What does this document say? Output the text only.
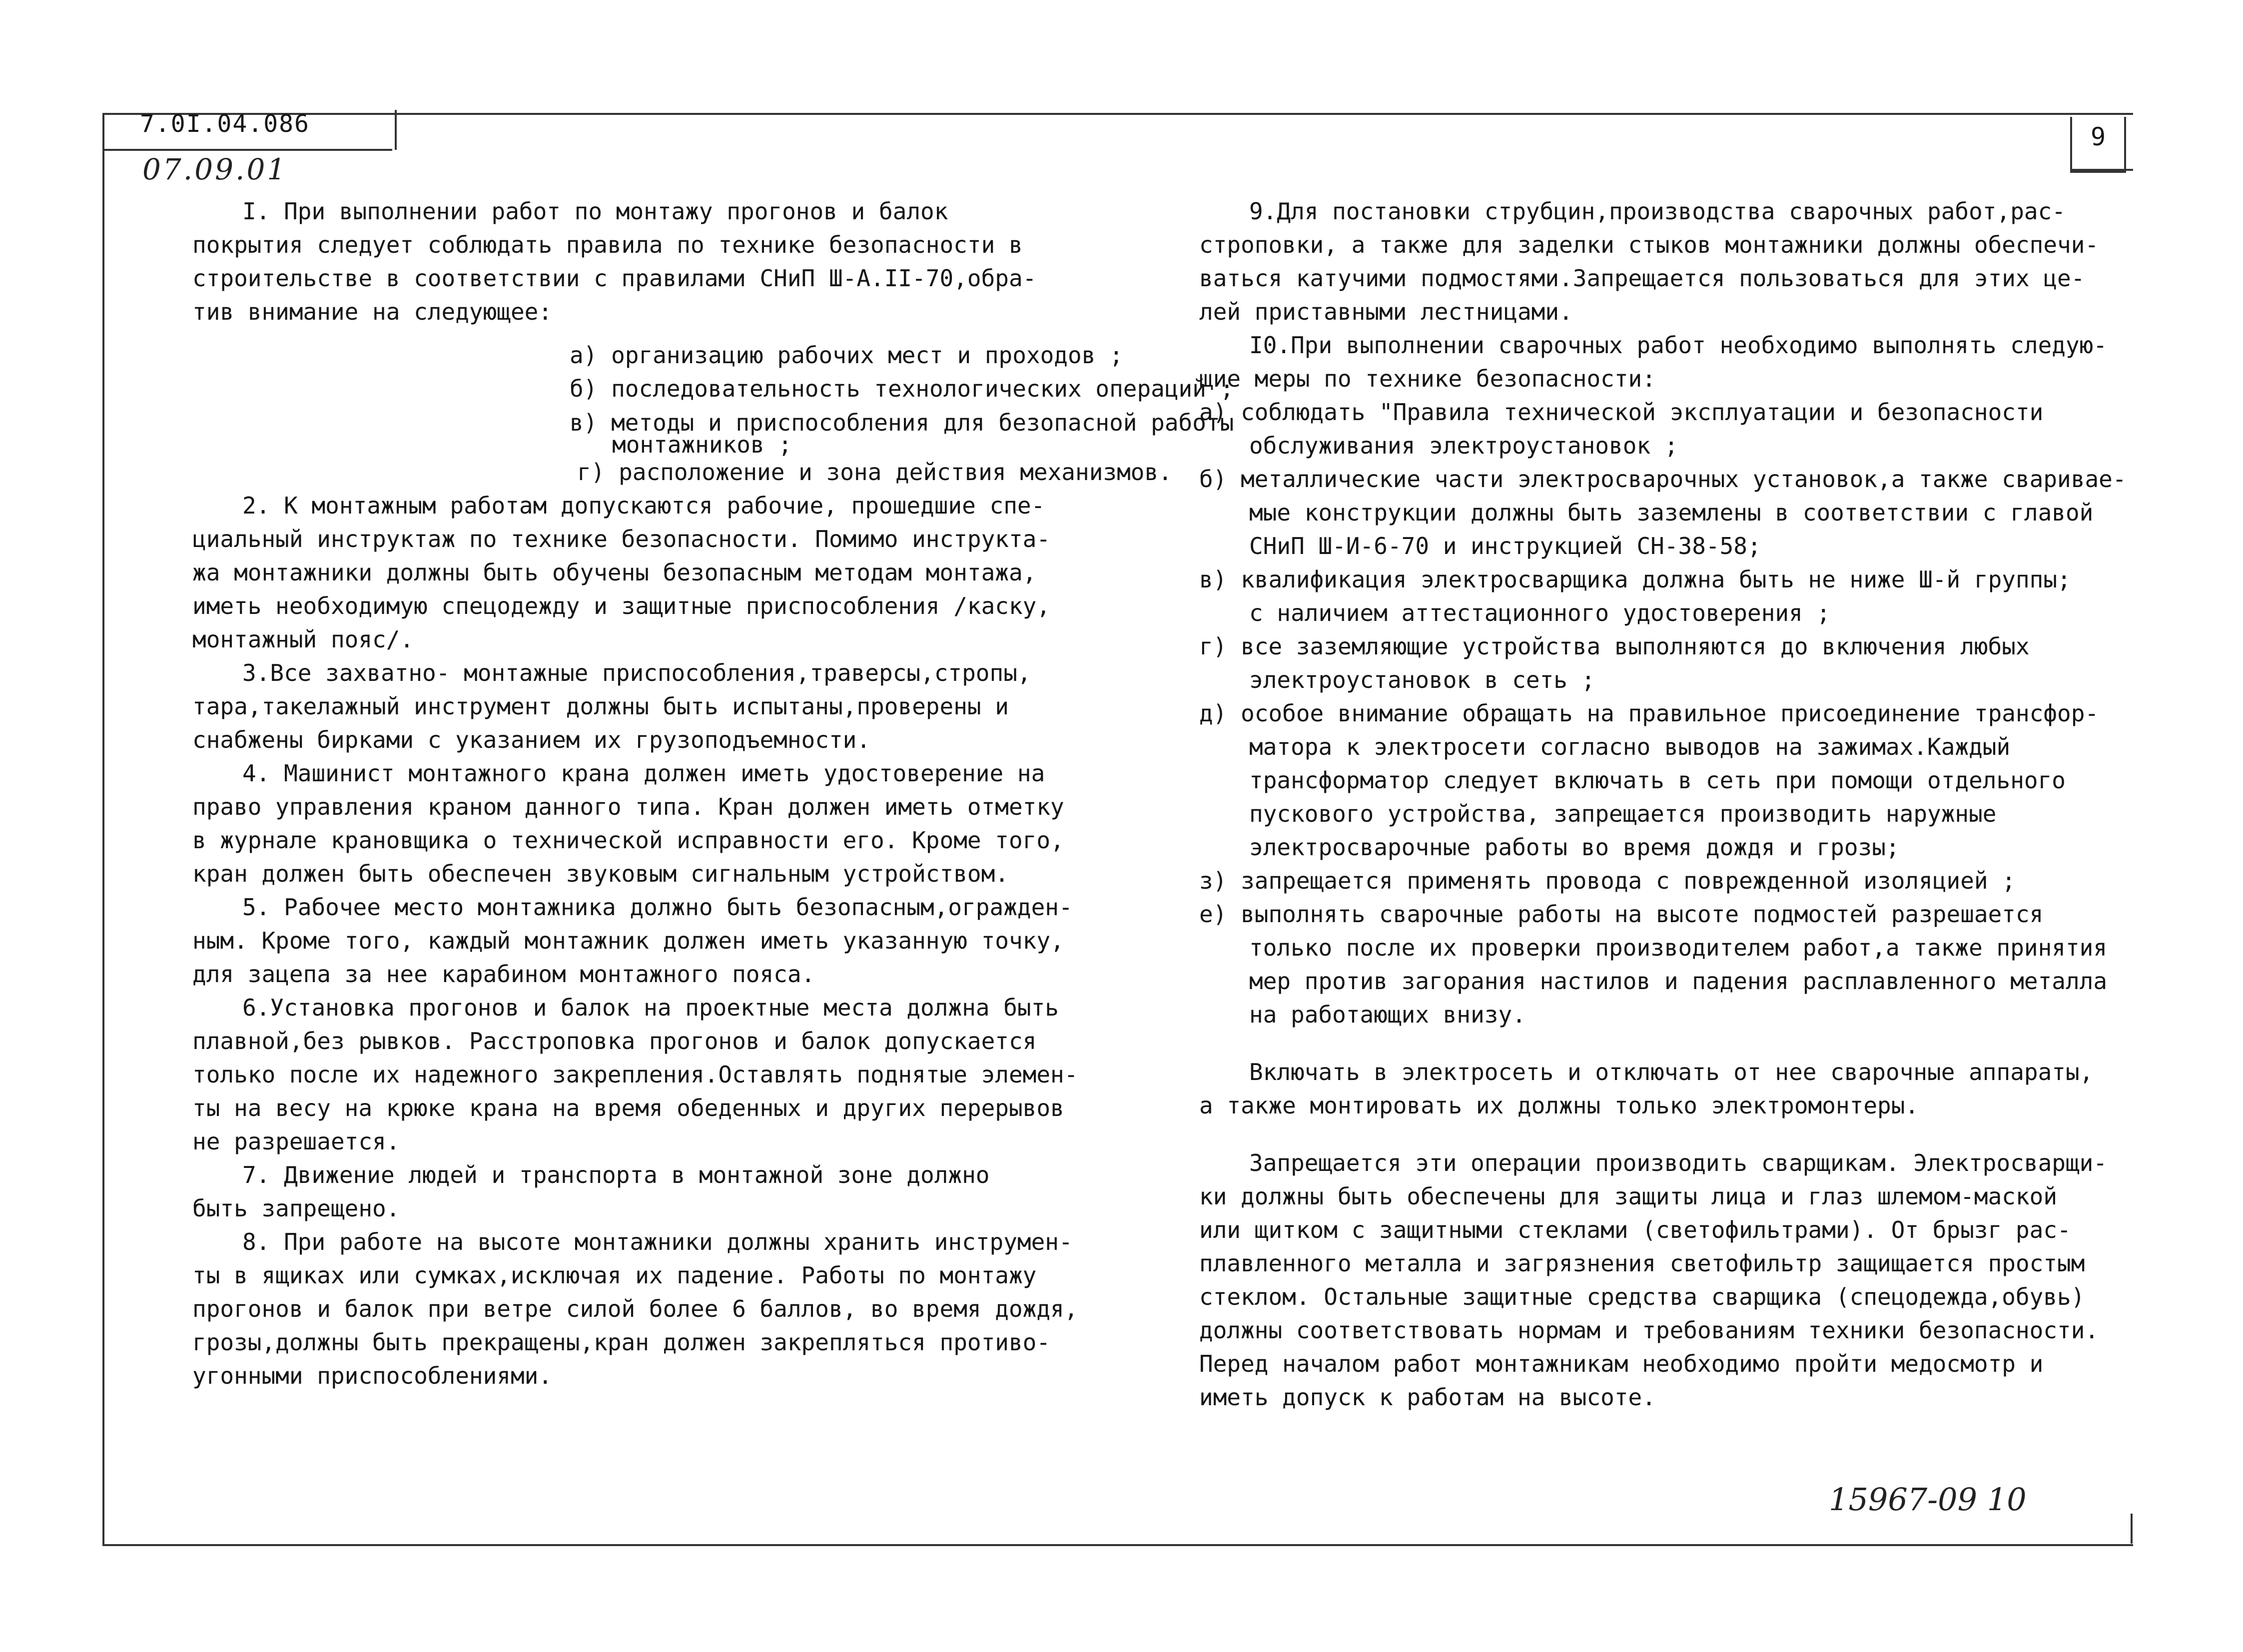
7.0I.04.086
07.09.01
9
I. При выполнении работ по монтажу прогонов и балок
покрытия следует соблюдать правила по технике безопасности в
строительстве в соответствии с правилами СНиП Ш-А.II-70,обра-
тив внимание на следующее:
а) организацию рабочих мест и проходов ;
б) последовательность технологических операций ;
в) методы и приспособления для безопасной работы
монтажников ;
г) расположение и зона действия механизмов.
2. К монтажным работам допускаются рабочие, прошедшие спе-
циальный инструктаж по технике безопасности. Помимо инструкта-
жа монтажники должны быть обучены безопасным методам монтажа,
иметь необходимую спецодежду и защитные приспособления /каску,
монтажный пояс/.
3.Все захватно- монтажные приспособления,траверсы,стропы,
тара,такелажный инструмент должны быть испытаны,проверены и
снабжены бирками с указанием их грузоподъемности.
4. Машинист монтажного крана должен иметь удостоверение на
право управления краном данного типа. Кран должен иметь отметку
в журнале крановщика о технической исправности его. Кроме того,
кран должен быть обеспечен звуковым сигнальным устройством.
5. Рабочее место монтажника должно быть безопасным,огражден-
ным. Кроме того, каждый монтажник должен иметь указанную точку,
для зацепа за нее карабином монтажного пояса.
6.Установка прогонов и балок на проектные места должна быть
плавной,без рывков. Расстроповка прогонов и балок допускается
только после их надежного закрепления.Оставлять поднятые элемен-
ты на весу на крюке крана на время обеденных и других перерывов
не разрешается.
7. Движение людей и транспорта в монтажной зоне должно
быть запрещено.
8. При работе на высоте монтажники должны хранить инструмен-
ты в ящиках или сумках,исключая их падение. Работы по монтажу
прогонов и балок при ветре силой более 6 баллов, во время дождя,
грозы,должны быть прекращены,кран должен закрепляться противо-
угонными приспособлениями.
9.Для постановки струбцин,производства сварочных работ,рас-
строповки, а также для заделки стыков монтажники должны обеспечи-
ваться катучими подмостями.Запрещается пользоваться для этих це-
лей приставными лестницами.
I0.При выполнении сварочных работ необходимо выполнять следую-
щие меры по технике безопасности:
а) соблюдать "Правила технической эксплуатации и безопасности
обслуживания электроустановок ;
б) металлические части электросварочных установок,а также сваривае-
мые конструкции должны быть заземлены в соответствии с главой
СНиП Ш-И-6-70 и инструкцией СН-38-58;
в) квалификация электросварщика должна быть не ниже Ш-й группы;
с наличием аттестационного удостоверения ;
г) все заземляющие устройства выполняются до включения любых
электроустановок в сеть ;
д) особое внимание обращать на правильное присоединение трансфор-
матора к электросети согласно выводов на зажимах.Каждый
трансформатор следует включать в сеть при помощи отдельного
пускового устройства, запрещается производить наружные
электросварочные работы во время дождя и грозы;
з) запрещается применять провода с поврежденной изоляцией ;
е) выполнять сварочные работы на высоте подмостей разрешается
только после их проверки производителем работ,а также принятия
мер против загорания настилов и падения расплавленного металла
на работающих внизу.
Включать в электросеть и отключать от нее сварочные аппараты,
а также монтировать их должны только электромонтеры.
Запрещается эти операции производить сварщикам. Электросварщи-
ки должны быть обеспечены для защиты лица и глаз шлемом-маской
или щитком с защитными стеклами (светофильтрами). От брызг рас-
плавленного металла и загрязнения светофильтр защищается простым
стеклом. Остальные защитные средства сварщика (спецодежда,обувь)
должны соответствовать нормам и требованиям техники безопасности.
Перед началом работ монтажникам необходимо пройти медосмотр и
иметь допуск к работам на высоте.
15967-09 10
